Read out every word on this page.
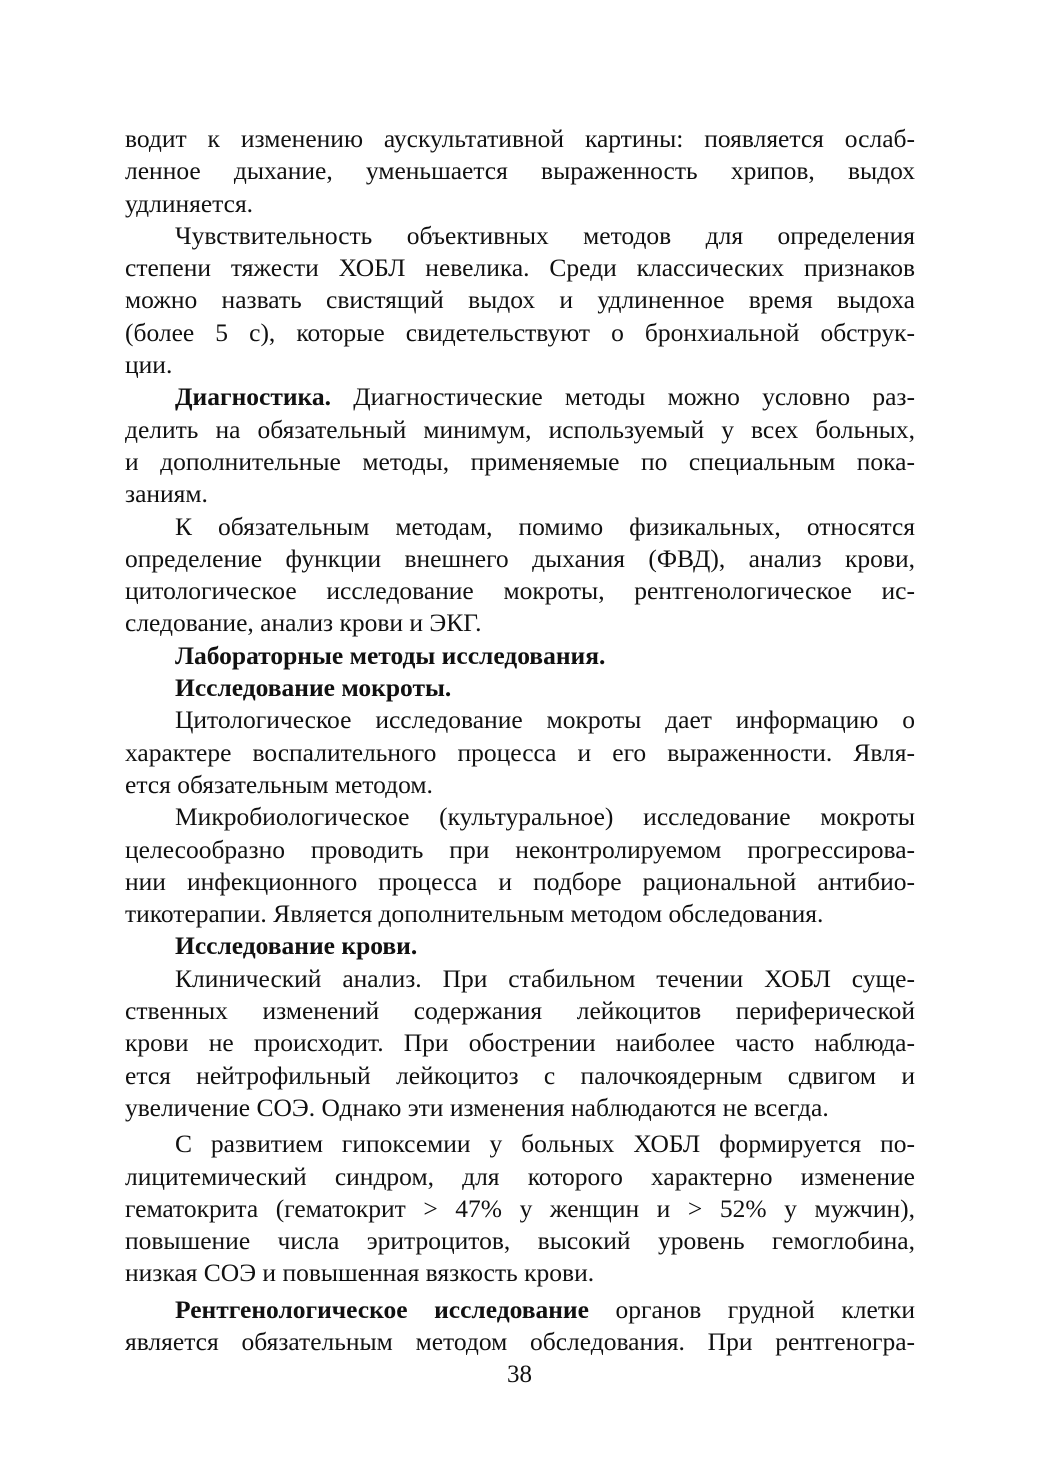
водит к изменению аускультативной картины: появляется ослаб-
ленное дыхание, уменьшается выраженность хрипов, выдох
удлиняется.
Чувствительность объективных методов для определения
степени тяжести ХОБЛ невелика. Среди классических признаков
можно назвать свистящий выдох и удлиненное время выдоха
(более 5 с), которые свидетельствуют о бронхиальной обструк-
ции.
Диагностика. Диагностические методы можно условно раз-
делить на обязательный минимум, используемый у всех больных,
и дополнительные методы, применяемые по специальным пока-
заниям.
К обязательным методам, помимо физикальных, относятся
определение функции внешнего дыхания (ФВД), анализ крови,
цитологическое исследование мокроты, рентгенологическое ис-
следование, анализ крови и ЭКГ.
Лабораторные методы исследования.
Исследование мокроты.
Цитологическое исследование мокроты дает информацию о
характере воспалительного процесса и его выраженности. Явля-
ется обязательным методом.
Микробиологическое (культуральное) исследование мокроты
целесообразно проводить при неконтролируемом прогрессирова-
нии инфекционного процесса и подборе рациональной антибио-
тикотерапии. Является дополнительным методом обследования.
Исследование крови.
Клинический анализ. При стабильном течении ХОБЛ суще-
ственных изменений содержания лейкоцитов периферической
крови не происходит. При обострении наиболее часто наблюда-
ется нейтрофильный лейкоцитоз с палочкоядерным сдвигом и
увеличение СОЭ. Однако эти изменения наблюдаются не всегда.
С развитием гипоксемии у больных ХОБЛ формируется по-
лицитемический синдром, для которого характерно изменение
гематокрита (гематокрит > 47% у женщин и > 52% у мужчин),
повышение числа эритроцитов, высокий уровень гемоглобина,
низкая СОЭ и повышенная вязкость крови.
Рентгенологическое исследование органов грудной клетки
является обязательным методом обследования. При рентгеногра-
38
